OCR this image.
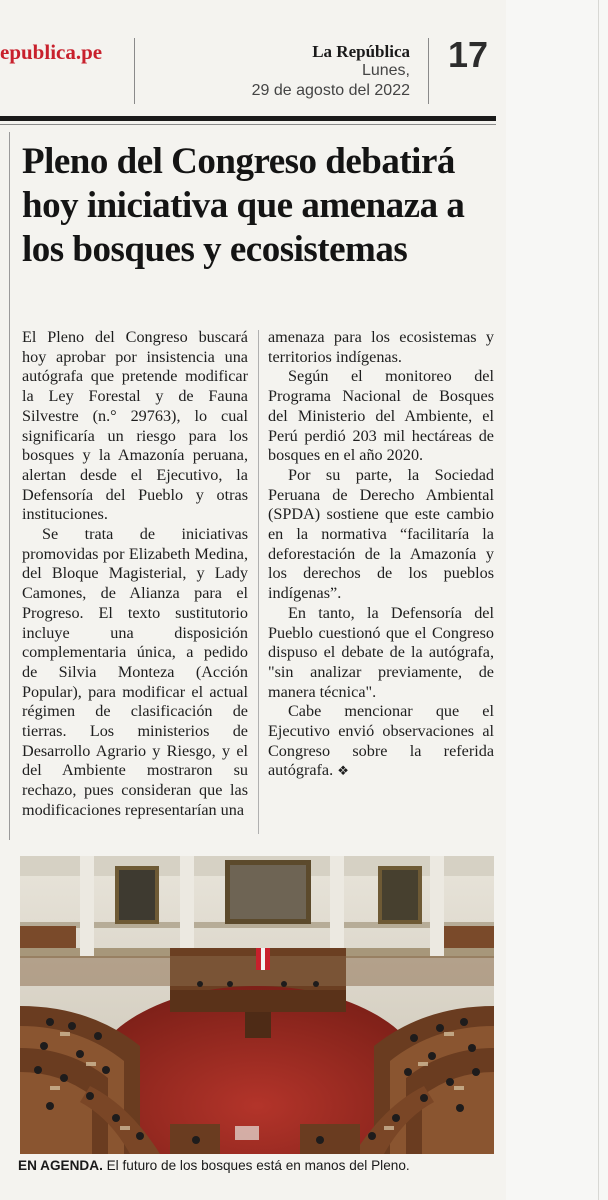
epublica.pe	La República
Lunes,
29 de agosto del 2022
17
Pleno del Congreso debatirá hoy iniciativa que amenaza a los bosques y ecosistemas

El Pleno del Congreso buscará hoy aprobar por insistencia una autógrafa que pretende modificar la Ley Forestal y de Fauna Silvestre (n.° 29763), lo cual significaría un riesgo para los bosques y la Amazonía peruana, alertan desde el Ejecutivo, la Defensoría del Pueblo y otras instituciones.

Se trata de iniciativas promovidas por Elizabeth Medina, del Bloque Magisterial, y Lady Camones, de Alianza para el Progreso. El texto sustitutorio incluye una disposición complementaria única, a pedido de Silvia Monteza (Acción Popular), para modificar el actual régimen de clasificación de tierras. Los ministerios de Desarrollo Agrario y Riesgo, y el del Ambiente mostraron su rechazo, pues consideran que las modificaciones representarían una

amenaza para los ecosistemas y territorios indígenas.

Según el monitoreo del Programa Nacional de Bosques del Ministerio del Ambiente, el Perú perdió 203 mil hectáreas de bosques en el año 2020.

Por su parte, la Sociedad Peruana de Derecho Ambiental (SPDA) sostiene que este cambio en la normativa “facilitaría la deforestación de la Amazonía y los derechos de los pueblos indígenas”.

En tanto, la Defensoría del Pueblo cuestionó que el Congreso dispuso el debate de la autógrafa, "sin analizar previamente, de manera técnica".

Cabe mencionar que el Ejecutivo envió observaciones al Congreso sobre la referida autógrafa. ❖

EN AGENDA. El futuro de los bosques está en manos del Pleno.
